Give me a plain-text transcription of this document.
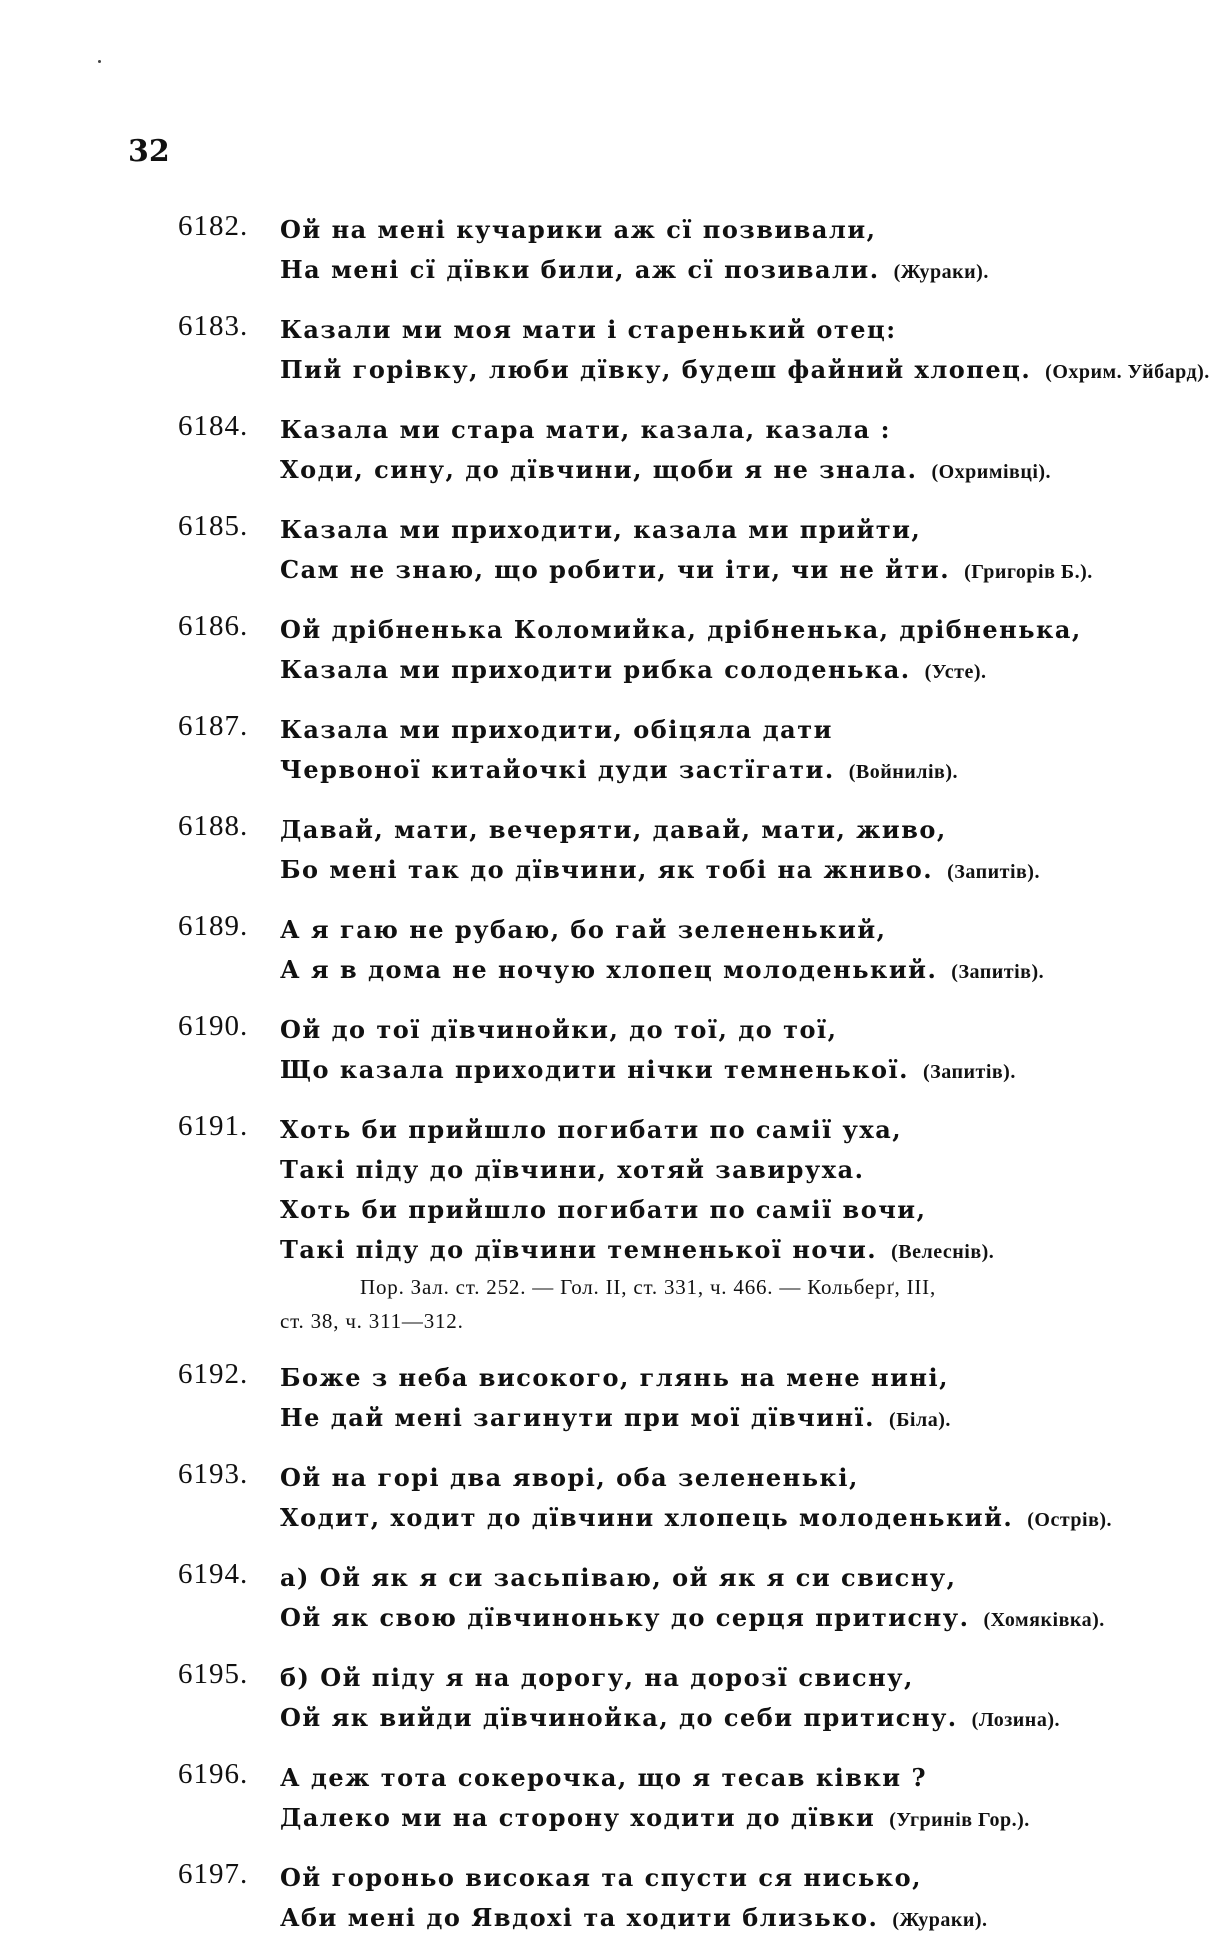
32
6182. Ой на мені кучарики аж сї позвивали,
На мені сї дївки били, аж сї позивали. (Жураки).
6183. Казали ми моя мати і старенький отец:
Пий горівку, люби дївку, будеш файний хлопец. (Охрим. Уйбард).
6184. Казала ми стара мати, казала, казала :
Ходи, сину, до дївчини, щоби я не знала. (Охримівці).
6185. Казала ми приходити, казала ми прийти,
Сам не знаю, що робити, чи іти, чи не йти. (Григорів Б.).
6186. Ой дрібненька Коломийка, дрібненька, дрібненька,
Казала ми приходити рибка солоденька. (Усте).
6187. Казала ми приходити, обіцяла дати
Червоної китайочкі дуди застїгати. (Войнилів).
6188. Давай, мати, вечеряти, давай, мати, живо,
Бо мені так до дївчини, як тобі на жниво. (Запитів).
6189. А я гаю не рубаю, бо гай зелененький,
А я в дома не ночую хлопец молоденький. (Запитів).
6190. Ой до тої дївчинойки, до тої, до тої,
Що казала приходити нічки темненької. (Запитів).
6191. Хоть би прийшло погибати по самії уха,
Такі піду до дївчини, хотяй завируха.
Хоть би прийшло погибати по самії вочи,
Такі піду до дївчини темненької ночи. (Велеснів).
Пор. Зал. ст. 252. — Гол. II, ст. 331, ч. 466. — Кольберґ, III,
ст. 38, ч. 311—312.
6192. Боже з неба високого, глянь на мене нині,
Не дай мені загинути при мої дївчинї. (Біла).
6193. Ой на горі два яворі, оба зелененькі,
Ходит, ходит до дївчини хлопець молоденький. (Острів).
6194. а) Ой як я си засьпіваю, ой як я си свисну,
Ой як свою дївчиноньку до серця притисну. (Хомяківка).
6195. б) Ой піду я на дорогу, на дорозї свисну,
Ой як вийди дївчинойка, до себи притисну. (Лозина).
6196. А деж тота сокерочка, що я тесав ківки ?
Далеко ми на сторону ходити до дївки (Угринів Гор.).
6197. Ой гороньо високая та спусти ся нисько,
Аби мені до Явдохі та ходити близько. (Жураки).
